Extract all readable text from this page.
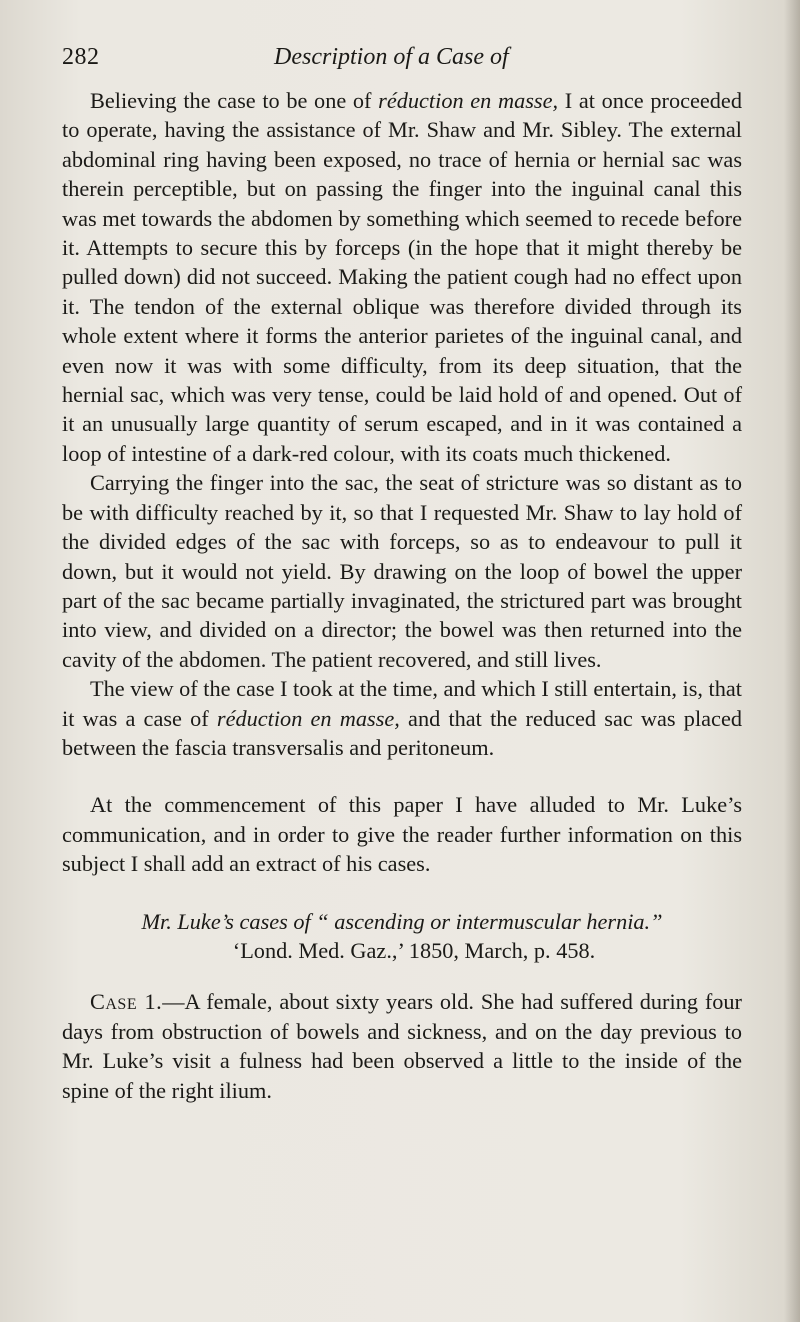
282	Description of a Case of

Believing the case to be one of réduction en masse, I at once proceeded to operate, having the assistance of Mr. Shaw and Mr. Sibley. The external abdominal ring having been exposed, no trace of hernia or hernial sac was therein perceptible, but on passing the finger into the inguinal canal this was met towards the abdomen by something which seemed to recede before it. Attempts to secure this by forceps (in the hope that it might thereby be pulled down) did not succeed. Making the patient cough had no effect upon it. The tendon of the external oblique was therefore divided through its whole extent where it forms the anterior parietes of the inguinal canal, and even now it was with some difficulty, from its deep situation, that the hernial sac, which was very tense, could be laid hold of and opened. Out of it an unusually large quantity of serum escaped, and in it was contained a loop of intestine of a dark-red colour, with its coats much thickened.

Carrying the finger into the sac, the seat of stricture was so distant as to be with difficulty reached by it, so that I requested Mr. Shaw to lay hold of the divided edges of the sac with forceps, so as to endeavour to pull it down, but it would not yield. By drawing on the loop of bowel the upper part of the sac became partially invaginated, the strictured part was brought into view, and divided on a director; the bowel was then returned into the cavity of the abdomen. The patient recovered, and still lives.

The view of the case I took at the time, and which I still entertain, is, that it was a case of réduction en masse, and that the reduced sac was placed between the fascia transversalis and peritoneum.

At the commencement of this paper I have alluded to Mr. Luke’s communication, and in order to give the reader further information on this subject I shall add an extract of his cases.

Mr. Luke’s cases of “ ascending or intermuscular hernia.”
‘Lond. Med. Gaz.,’ 1850, March, p. 458.

Case 1.—A female, about sixty years old. She had suffered during four days from obstruction of bowels and sickness, and on the day previous to Mr. Luke’s visit a fulness had been observed a little to the inside of the spine of the right ilium.
